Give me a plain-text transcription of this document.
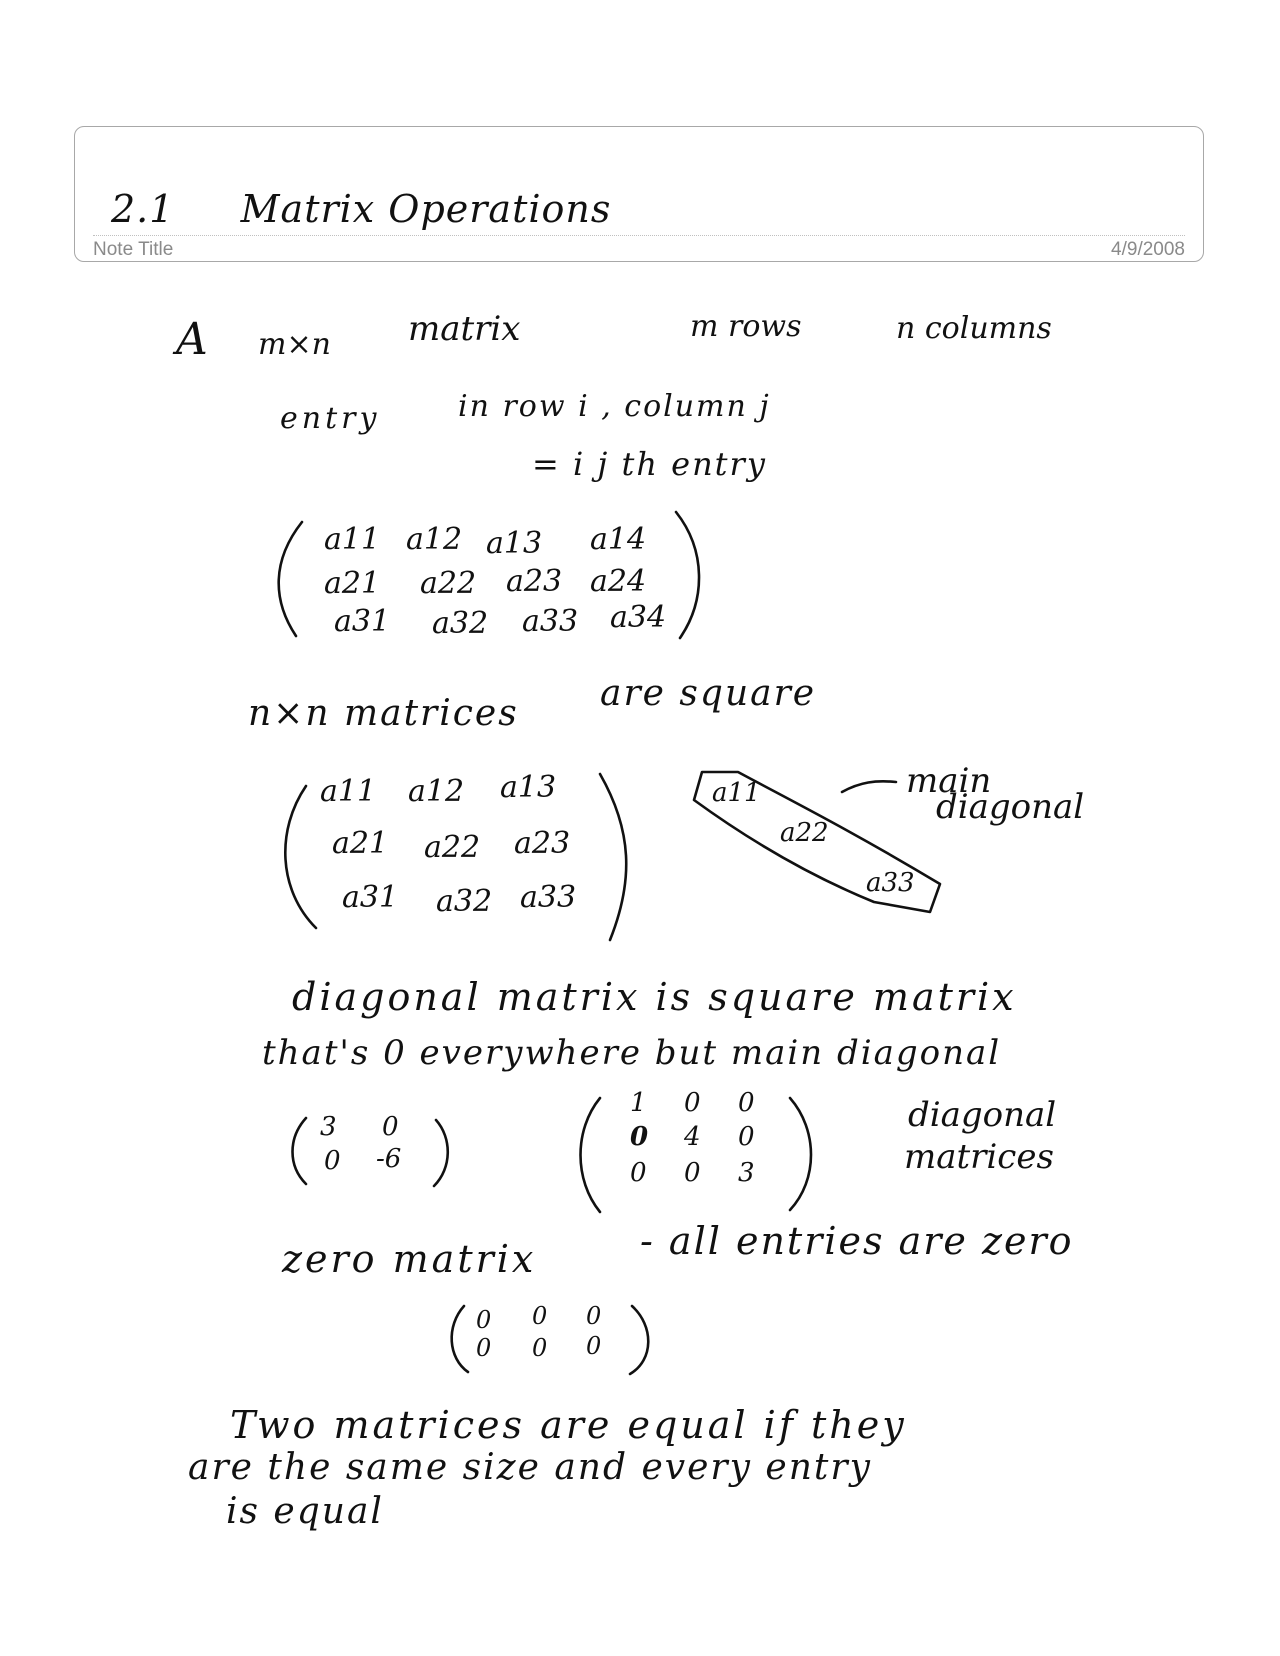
2.1 Matrix Operations
Note Title	4/9/2008
A m×n matrix	m rows	n columns
entry	in row i , column j
= i j th entry
a11 a12 a13 a14
a21 a22 a23 a24
a31 a32 a33 a34
n×n matrices are square
a11 a12 a13
a21 a22 a23
a31 a32 a33
a11
a22
a33
main
diagonal
diagonal matrix is square matrix
that's 0 everywhere but main diagonal
3 0
0 -6
1 0 0
0 4 0
0 0 3
diagonal
matrices
zero matrix	- all entries are zero
0 0 0
0 0 0
Two matrices are equal if they
are the same size and every entry
is equal
